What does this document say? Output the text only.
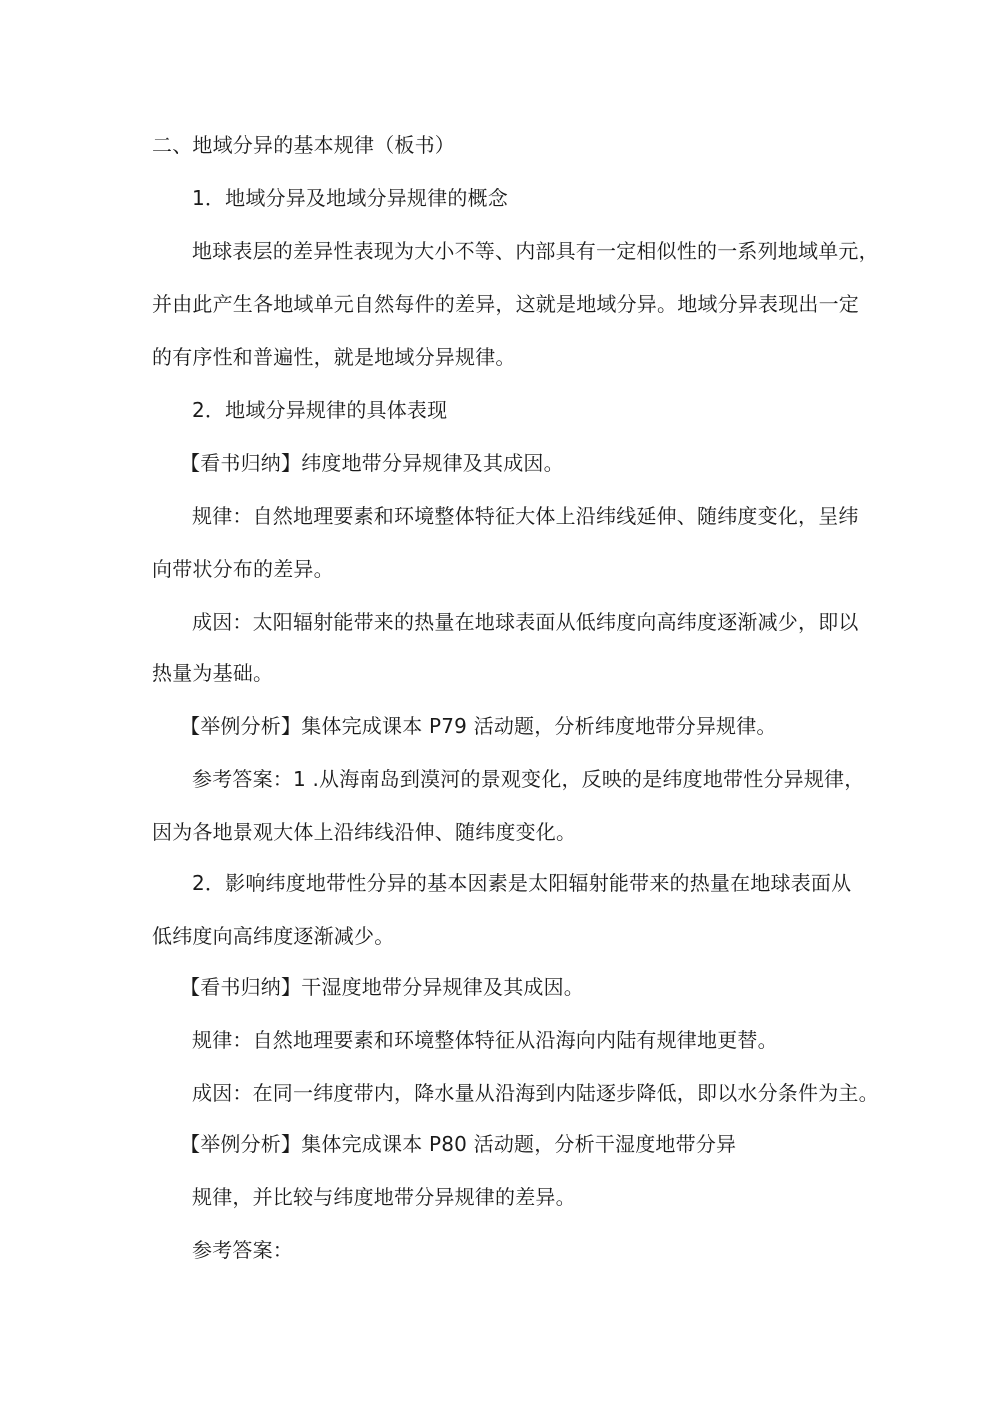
二、地域分异的基本规律（板书）
1．地域分异及地域分异规律的概念
地球表层的差异性表现为大小不等、内部具有一定相似性的一系列地域单元，
并由此产生各地域单元自然每件的差异，这就是地域分异。地域分异表现出一定
的有序性和普遍性，就是地域分异规律。
2．地域分异规律的具体表现
【看书归纳】纬度地带分异规律及其成因。
规律：自然地理要素和环境整体特征大体上沿纬线延伸、随纬度变化，呈纬
向带状分布的差异。
成因：太阳辐射能带来的热量在地球表面从低纬度向高纬度逐渐减少，即以
热量为基础。
【举例分析】集体完成课本 P79 活动题，分析纬度地带分异规律。
参考答案：1 .从海南岛到漠河的景观变化，反映的是纬度地带性分异规律，
因为各地景观大体上沿纬线沿伸、随纬度变化。
2．影响纬度地带性分异的基本因素是太阳辐射能带来的热量在地球表面从
低纬度向高纬度逐渐减少。
【看书归纳】干湿度地带分异规律及其成因。
规律：自然地理要素和环境整体特征从沿海向内陆有规律地更替。
成因：在同一纬度带内，降水量从沿海到内陆逐步降低，即以水分条件为主。
【举例分析】集体完成课本 P80 活动题，分析干湿度地带分异
规律，并比较与纬度地带分异规律的差异。
参考答案：
